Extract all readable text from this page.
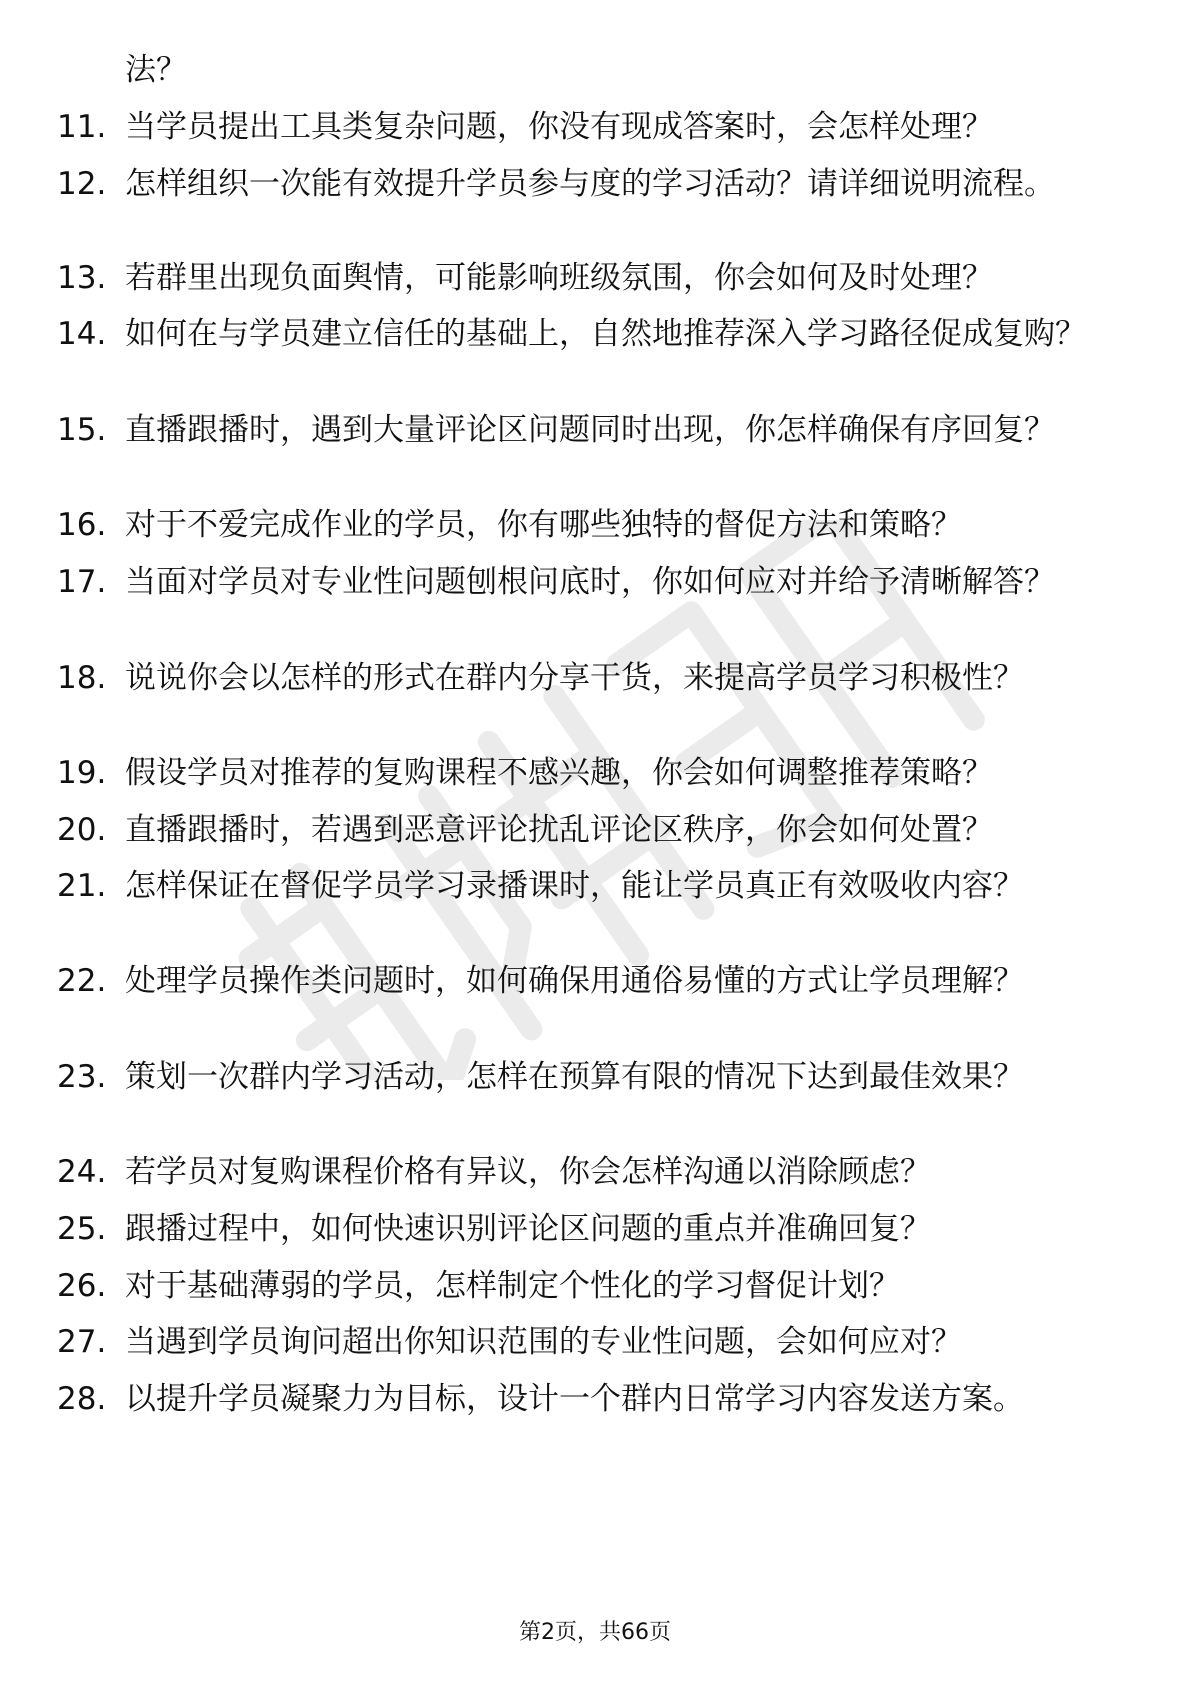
法？
11. 当学员提出工具类复杂问题，你没有现成答案时，会怎样处理？
12. 怎样组织一次能有效提升学员参与度的学习活动？请详细说明流程。
13. 若群里出现负面舆情，可能影响班级氛围，你会如何及时处理？
14. 如何在与学员建立信任的基础上，自然地推荐深入学习路径促成复购？
15. 直播跟播时，遇到大量评论区问题同时出现，你怎样确保有序回复？
16. 对于不爱完成作业的学员，你有哪些独特的督促方法和策略？
17. 当面对学员对专业性问题刨根问底时，你如何应对并给予清晰解答？
18. 说说你会以怎样的形式在群内分享干货，来提高学员学习积极性？
19. 假设学员对推荐的复购课程不感兴趣，你会如何调整推荐策略？
20. 直播跟播时，若遇到恶意评论扰乱评论区秩序，你会如何处置？
21. 怎样保证在督促学员学习录播课时，能让学员真正有效吸收内容？
22. 处理学员操作类问题时，如何确保用通俗易懂的方式让学员理解？
23. 策划一次群内学习活动，怎样在预算有限的情况下达到最佳效果？
24. 若学员对复购课程价格有异议，你会怎样沟通以消除顾虑？
25. 跟播过程中，如何快速识别评论区问题的重点并准确回复？
26. 对于基础薄弱的学员，怎样制定个性化的学习督促计划？
27. 当遇到学员询问超出你知识范围的专业性问题，会如何应对？
28. 以提升学员凝聚力为目标，设计一个群内日常学习内容发送方案。
第2页，共66页
